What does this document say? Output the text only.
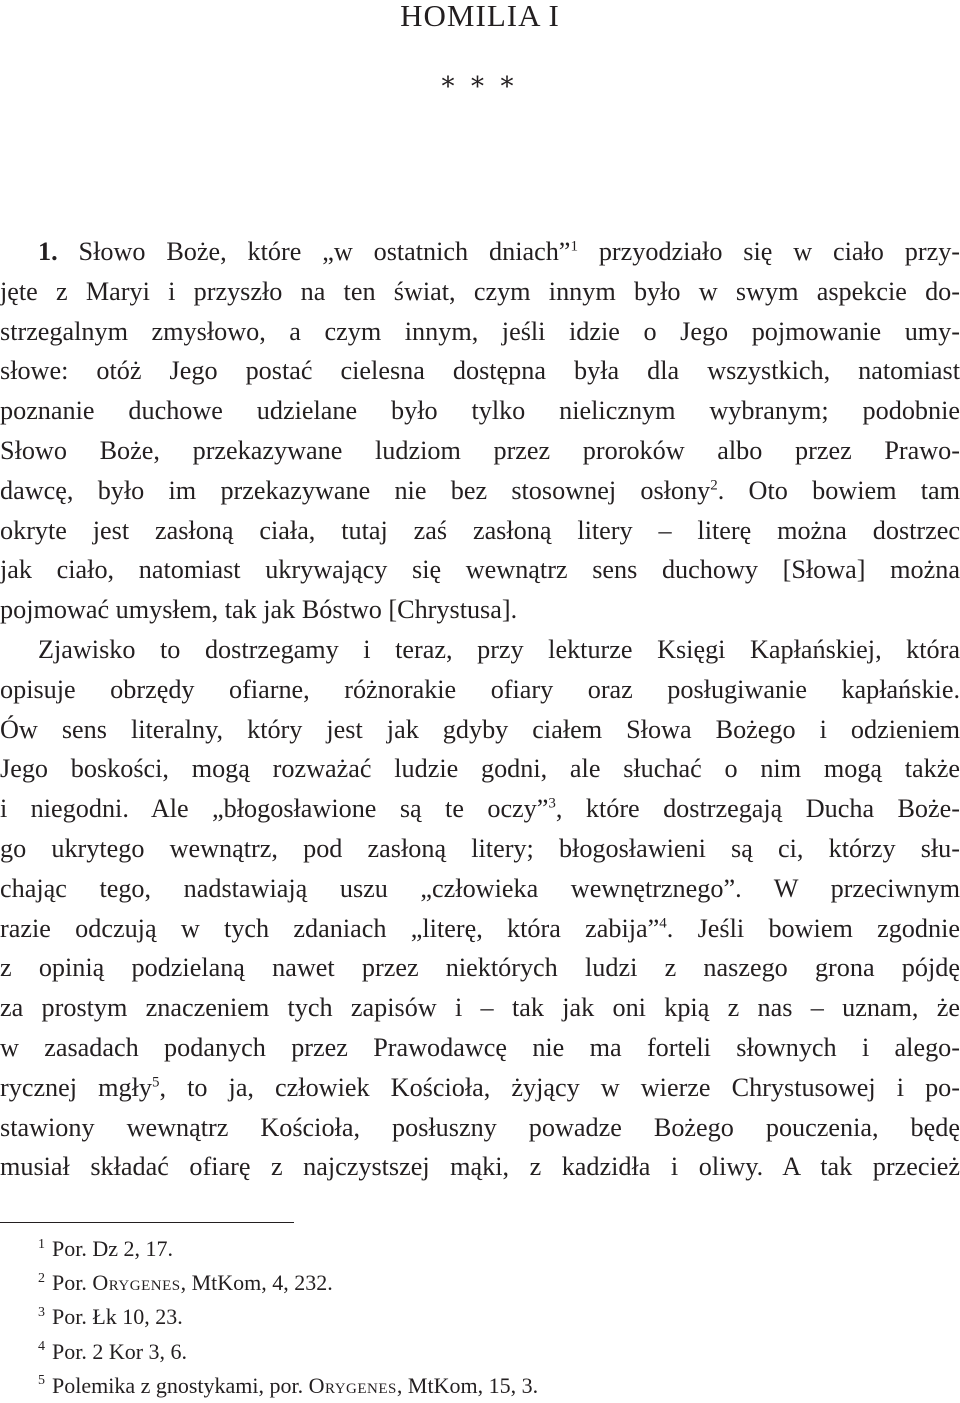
HOMILIA I
⁎ ⁎ ⁎
1. Słowo Boże, które „w ostatnich dniach”$^1$ przyodziało się w ciało przy-
jęte z Maryi i przyszło na ten świat, czym innym było w swym aspekcie do-
strzegalnym zmysłowo, a czym innym, jeśli idzie o Jego pojmowanie umy-
słowe: otóż Jego postać cielesna dostępna była dla wszystkich, natomiast
poznanie duchowe udzielane było tylko nielicznym wybranym; podobnie
Słowo Boże, przekazywane ludziom przez proroków albo przez Prawo-
dawcę, było im przekazywane nie bez stosownej osłony$^2$. Oto bowiem tam
okryte jest zasłoną ciała, tutaj zaś zasłoną litery – literę można dostrzec
jak ciało, natomiast ukrywający się wewnątrz sens duchowy [Słowa] można
pojmować umysłem, tak jak Bóstwo [Chrystusa].
Zjawisko to dostrzegamy i teraz, przy lekturze Księgi Kapłańskiej, która
opisuje obrzędy ofiarne, różnorakie ofiary oraz posługiwanie kapłańskie.
Ów sens literalny, który jest jak gdyby ciałem Słowa Bożego i odzieniem
Jego boskości, mogą rozważać ludzie godni, ale słuchać o nim mogą także
i niegodni. Ale „błogosławione są te oczy”$^3$, które dostrzegają Ducha Boże-
go ukrytego wewnątrz, pod zasłoną litery; błogosławieni są ci, którzy słu-
chając tego, nadstawiają uszu „człowieka wewnętrznego”. W przeciwnym
razie odczują w tych zdaniach „literę, która zabija”$^4$. Jeśli bowiem zgodnie
z opinią podzielaną nawet przez niektórych ludzi z naszego grona pójdę
za prostym znaczeniem tych zapisów i – tak jak oni kpią z nas – uznam, że
w zasadach podanych przez Prawodawcę nie ma forteli słownych i alego-
rycznej mgły$^5$, to ja, człowiek Kościoła, żyjący w wierze Chrystusowej i po-
stawiony wewnątrz Kościoła, posłuszny powadze Bożego pouczenia, będę
musiał składać ofiarę z najczystszej mąki, z kadzidła i oliwy. A tak przecież
$^1$ Por. Dz 2, 17.
$^2$ Por. Orygenes, MtKom, 4, 232.
$^3$ Por. Łk 10, 23.
$^4$ Por. 2 Kor 3, 6.
$^5$ Polemika z gnostykami, por. Orygenes, MtKom, 15, 3.
